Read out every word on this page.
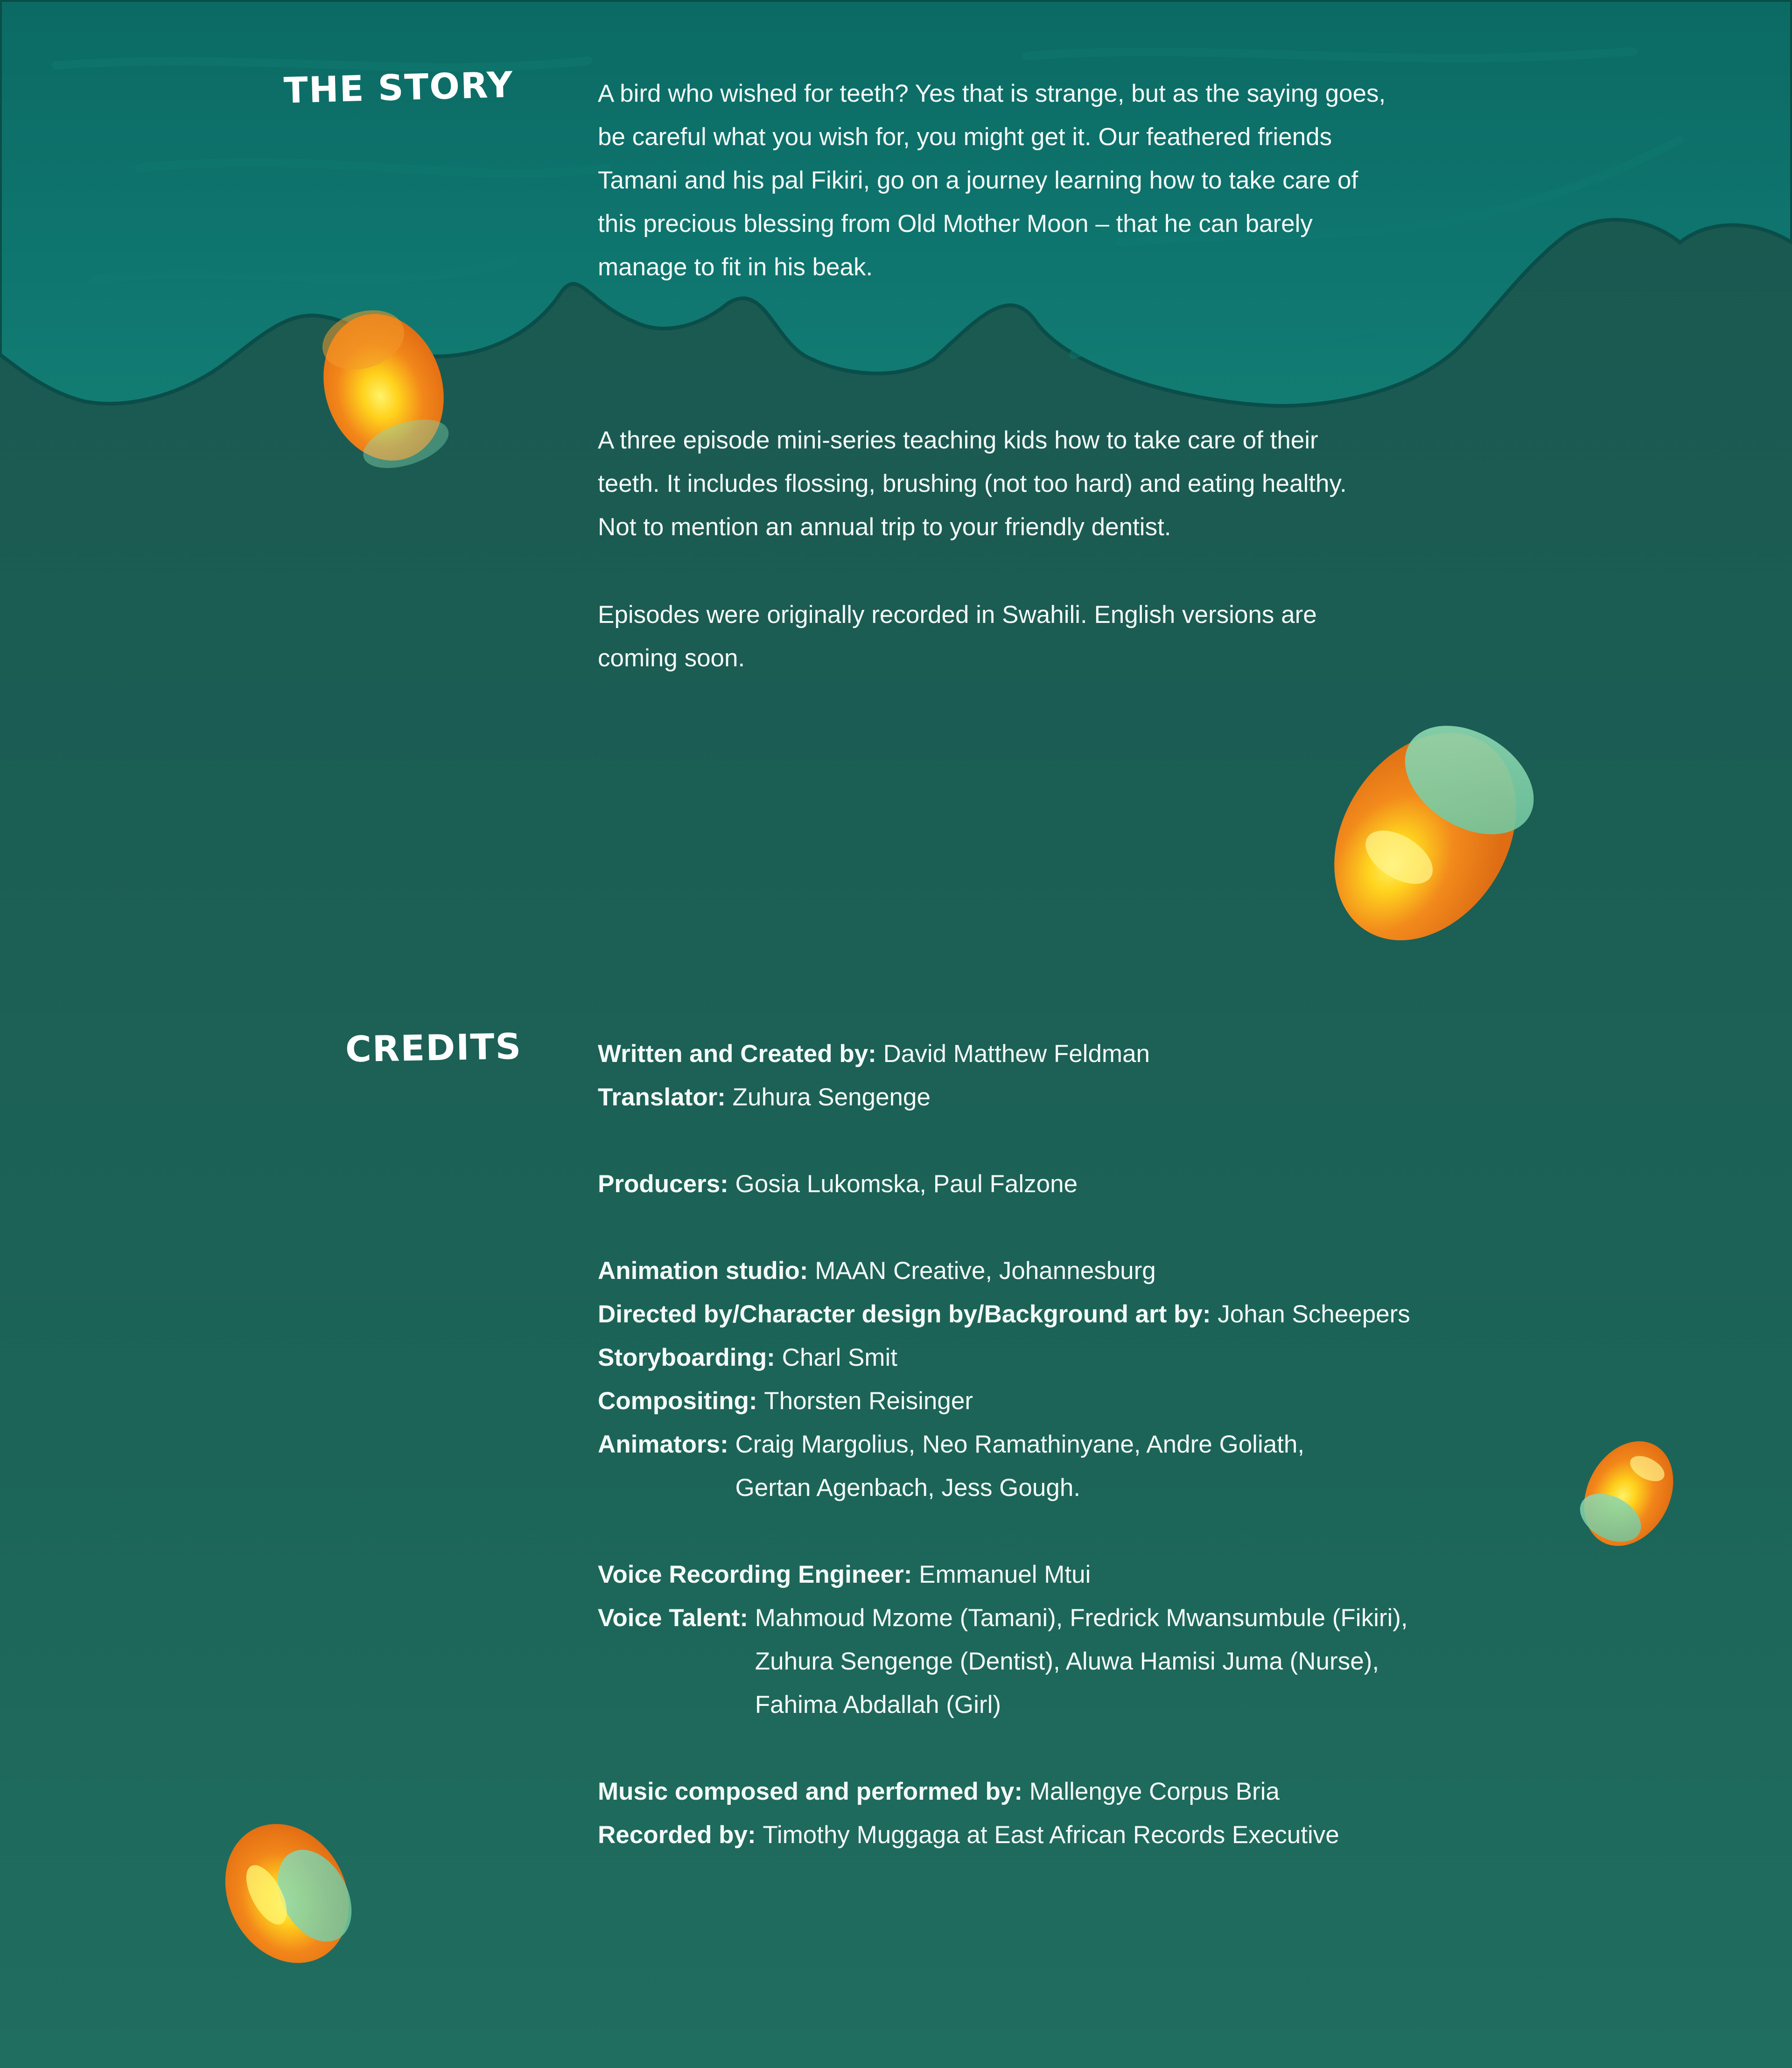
THE STORY	A bird who wished for teeth? Yes that is strange, but as the saying goes,
be careful what you wish for, you might get it. Our feathered friends
Tamani and his pal Fikiri, go on a journey learning how to take care of
this precious blessing from Old Mother Moon – that he can barely
manage to fit in his beak.

A three episode mini-series teaching kids how to take care of their
teeth. It includes flossing, brushing (not too hard) and eating healthy.
Not to mention an annual trip to your friendly dentist.

Episodes were originally recorded in Swahili. English versions are
coming soon.

CREDITS	Written and Created by:
David Matthew Feldman
Translator:
Zuhura Sengenge
Producers:
Gosia Lukomska, Paul Falzone
Animation studio:
MAAN Creative, Johannesburg
Directed by/Character design by/Background art by:
Johan Scheepers
Storyboarding:
Charl Smit
Compositing:
Thorsten Reisinger
Animators:
Craig Margolius, Neo Ramathinyane, Andre Goliath,
Gertan Agenbach, Jess Gough.
Voice Recording Engineer:
Emmanuel Mtui
Voice Talent:
Mahmoud Mzome (Tamani), Fredrick Mwansumbule (Fikiri),
Zuhura Sengenge (Dentist), Aluwa Hamisi Juma (Nurse),
Fahima Abdallah (Girl)
Music composed and performed by:
Mallengye Corpus Bria
Recorded by:
Timothy Muggaga at East African Records Executive
